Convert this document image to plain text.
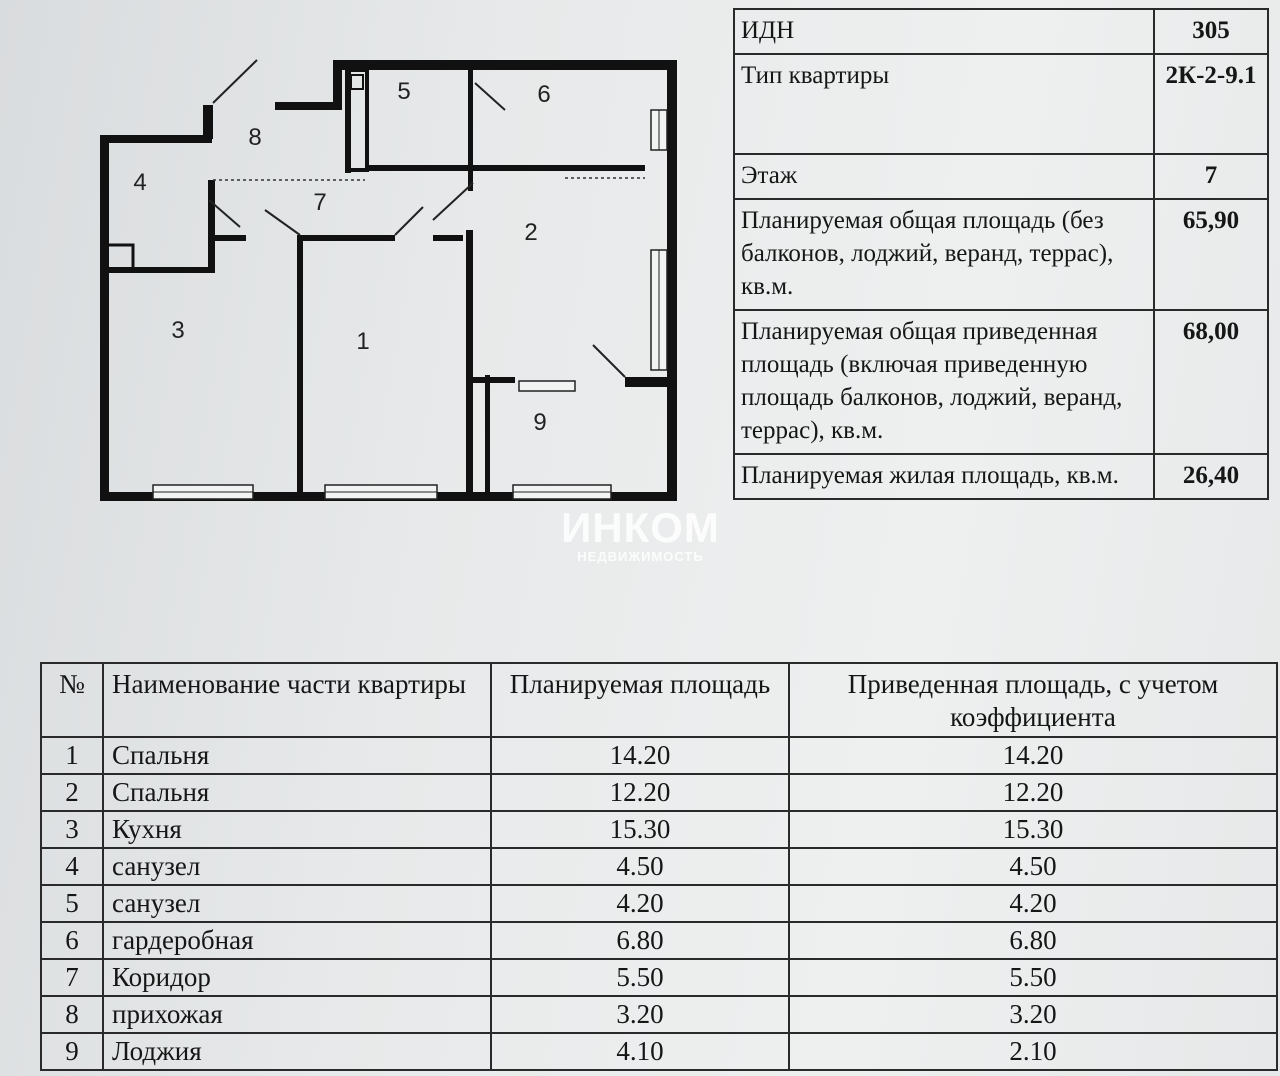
1
2
3
4
5	6
7
8
9
ИДН	305
Тип квартиры	2К-2-9.1
Этаж	7
Планируемая общая площадь (без балконов, лоджий, веранд, террас), кв.м.	65,90
Планируемая общая приведенная площадь (включая приведенную площадь балконов, лоджий, веранд, террас), кв.м.	68,00
Планируемая жилая площадь, кв.м.	26,40
ИНКОМ
НЕДВИЖИМОСТЬ
№	Наименование части квартиры	Планируемая площадь	Приведенная площадь, с учетом коэффициента
1	Спальня	14.20	14.20
2	Спальня	12.20	12.20
3	Кухня	15.30	15.30
4	санузел	4.50	4.50
5	санузел	4.20	4.20
6	гардеробная	6.80	6.80
7	Коридор	5.50	5.50
8	прихожая	3.20	3.20
9	Лоджия	4.10	2.10
